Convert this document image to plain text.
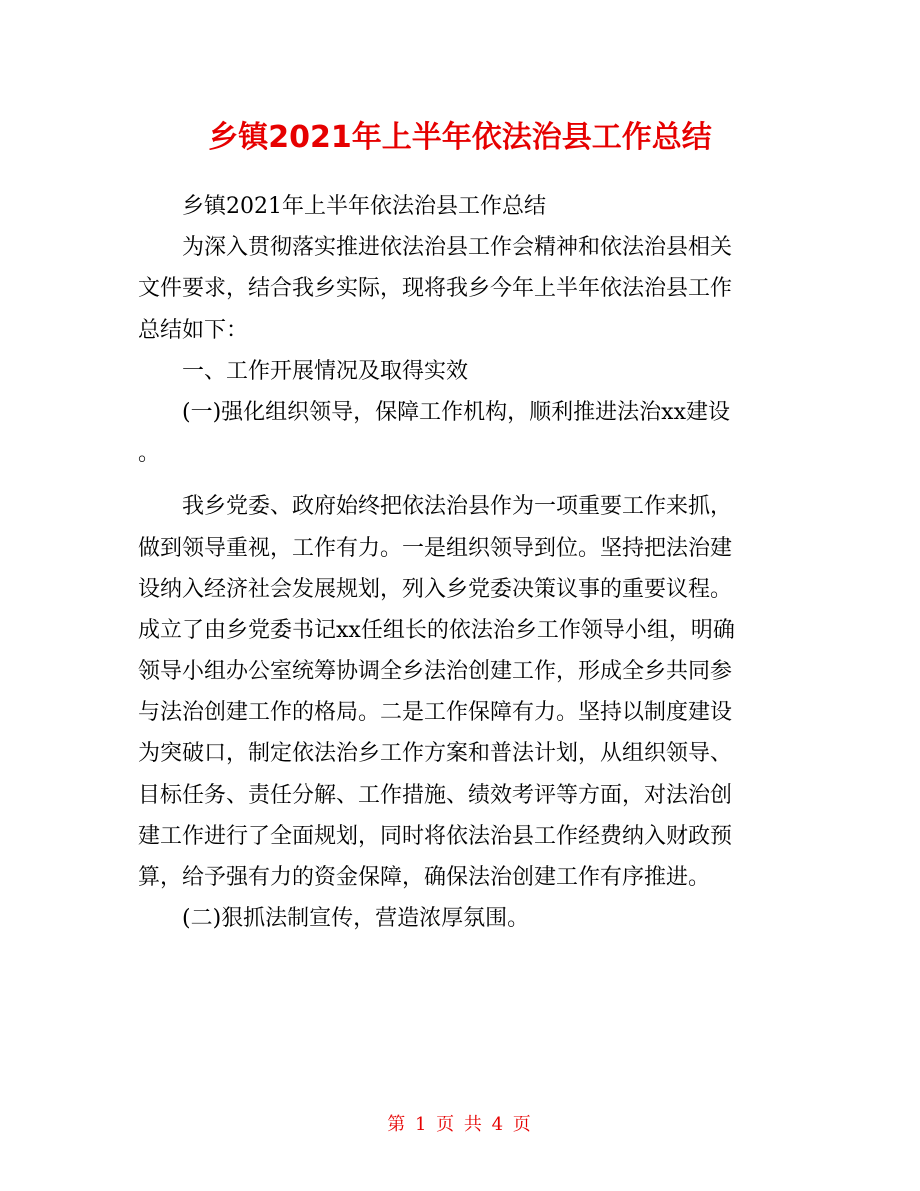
乡镇2021年上半年依法治县工作总结
乡镇2021年上半年依法治县工作总结
为深入贯彻落实推进依法治县工作会精神和依法治县相关
文件要求，结合我乡实际，现将我乡今年上半年依法治县工作
总结如下：
一、工作开展情况及取得实效
(一)强化组织领导，保障工作机构，顺利推进法治xx建设
。
我乡党委、政府始终把依法治县作为一项重要工作来抓，
做到领导重视，工作有力。一是组织领导到位。坚持把法治建
设纳入经济社会发展规划，列入乡党委决策议事的重要议程。
成立了由乡党委书记xx任组长的依法治乡工作领导小组，明确
领导小组办公室统筹协调全乡法治创建工作，形成全乡共同参
与法治创建工作的格局。二是工作保障有力。坚持以制度建设
为突破口，制定依法治乡工作方案和普法计划，从组织领导、
目标任务、责任分解、工作措施、绩效考评等方面，对法治创
建工作进行了全面规划，同时将依法治县工作经费纳入财政预
算，给予强有力的资金保障，确保法治创建工作有序推进。
(二)狠抓法制宣传，营造浓厚氛围。
第 1 页 共 4 页
